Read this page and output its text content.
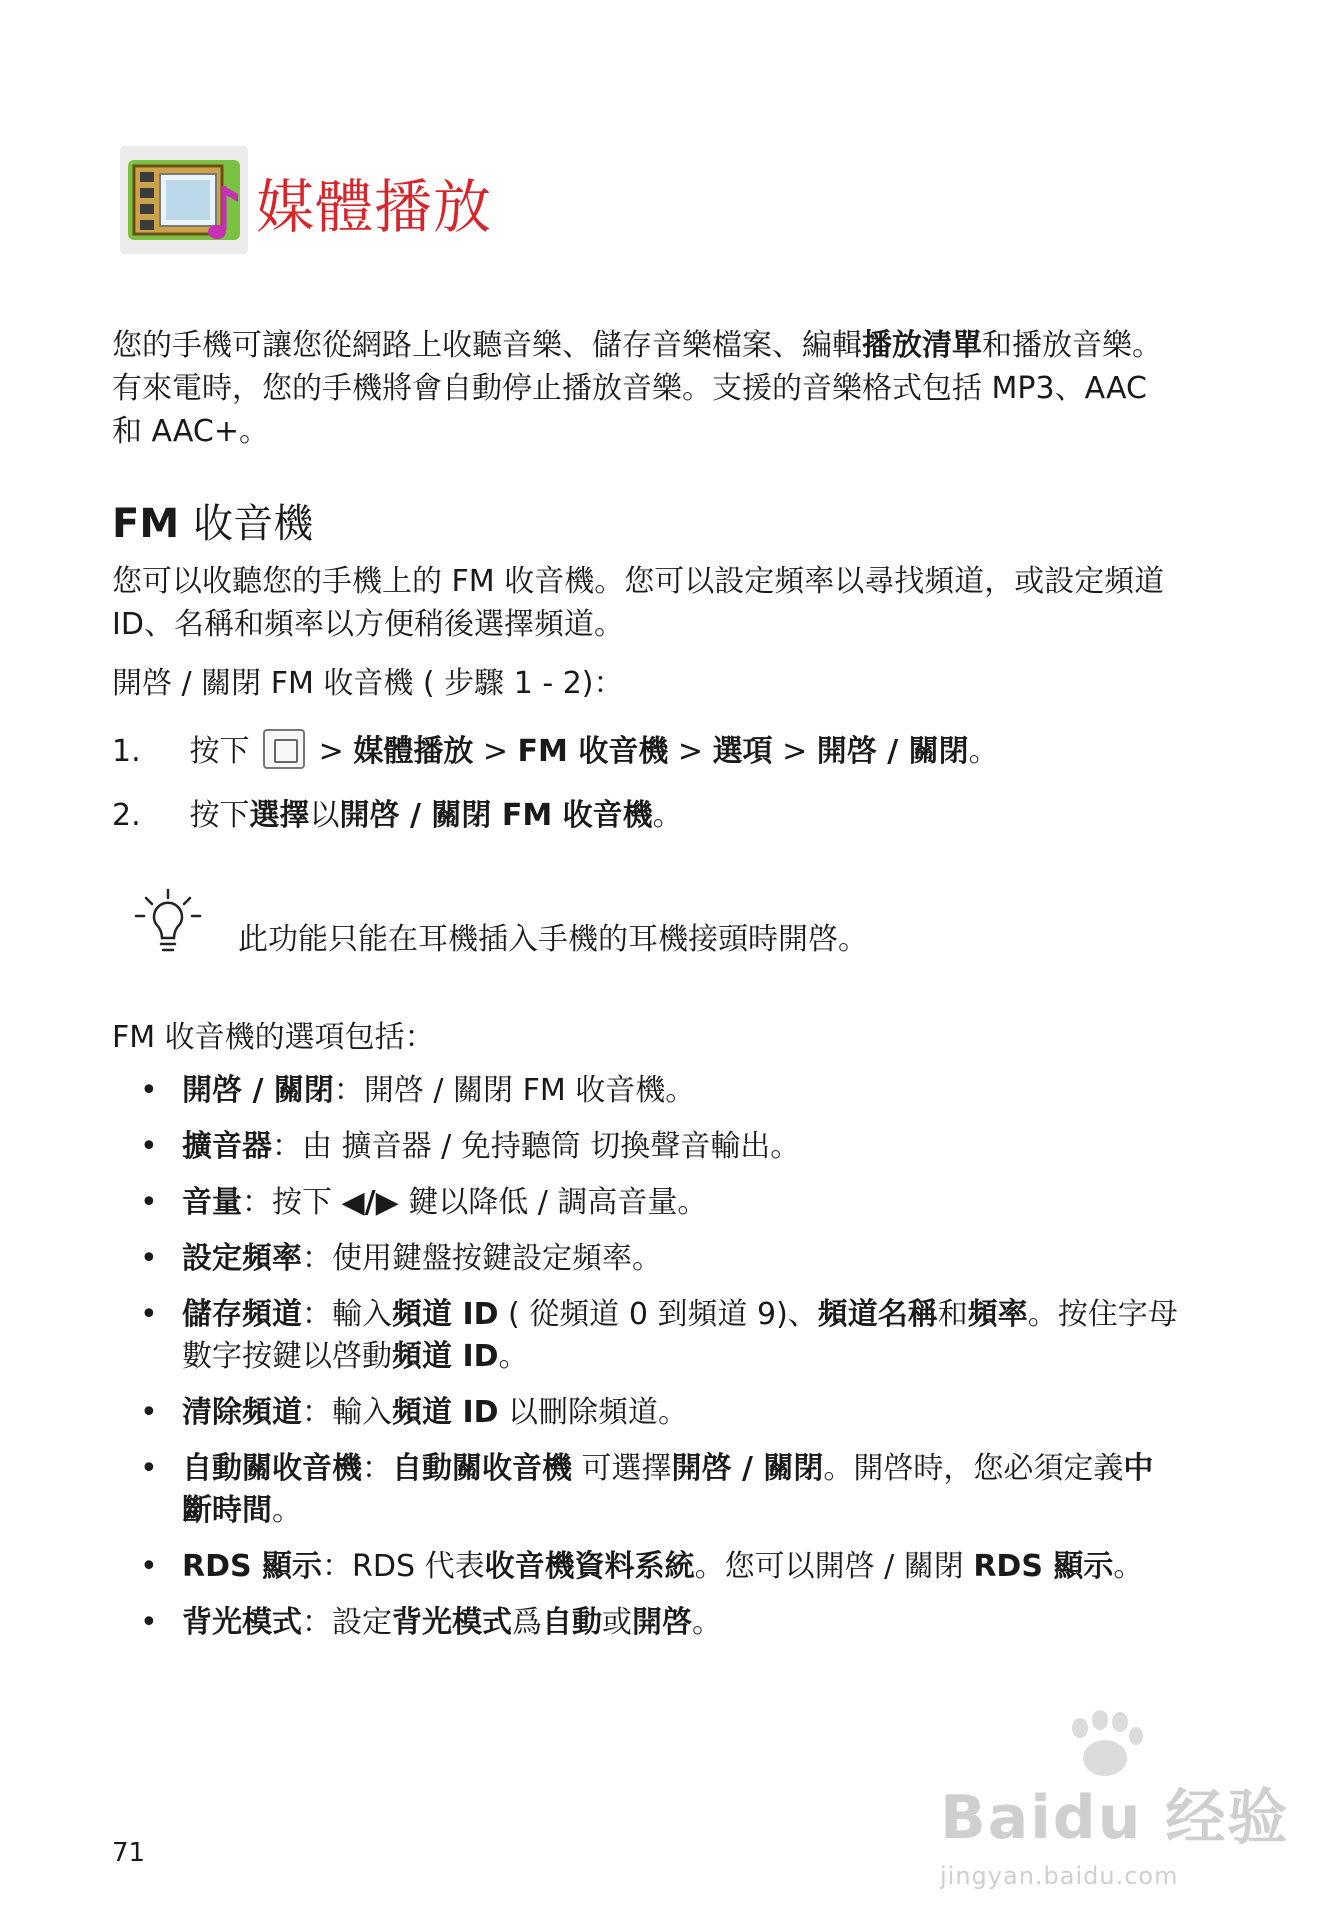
媒體播放
您的手機可讓您從網路上收聽音樂、儲存音樂檔案、編輯播放清單和播放音樂。有來電時，您的手機將會自動停止播放音樂。支援的音樂格式包括 MP3、AAC 和 AAC+。
FM 收音機
您可以收聽您的手機上的 FM 收音機。您可以設定頻率以尋找頻道，或設定頻道 ID、名稱和頻率以方便稍後選擇頻道。
開啓 / 關閉 FM 收音機 ( 步驟 1 - 2)：
1. 按下  > 媒體播放 > FM 收音機 > 選項 > 開啓 / 關閉。
2. 按下選擇以開啓 / 關閉 FM 收音機。
此功能只能在耳機插入手機的耳機接頭時開啓。
FM 收音機的選項包括：
• 開啓 / 關閉：開啓 / 關閉 FM 收音機。
• 擴音器：由 擴音器 / 免持聽筒 切換聲音輸出。
• 音量：按下 ◀/▶ 鍵以降低 / 調高音量。
• 設定頻率：使用鍵盤按鍵設定頻率。
• 儲存頻道：輸入頻道 ID ( 從頻道 0 到頻道 9)、頻道名稱和頻率。按住字母數字按鍵以啓動頻道 ID。
• 清除頻道：輸入頻道 ID 以刪除頻道。
• 自動關收音機：自動關收音機 可選擇開啓 / 關閉。開啓時，您必須定義中斷時間。
• RDS 顯示：RDS 代表收音機資料系統。您可以開啓 / 關閉 RDS 顯示。
• 背光模式：設定背光模式爲自動或開啓。
71	Baidu 经验
jingyan.baidu.com
